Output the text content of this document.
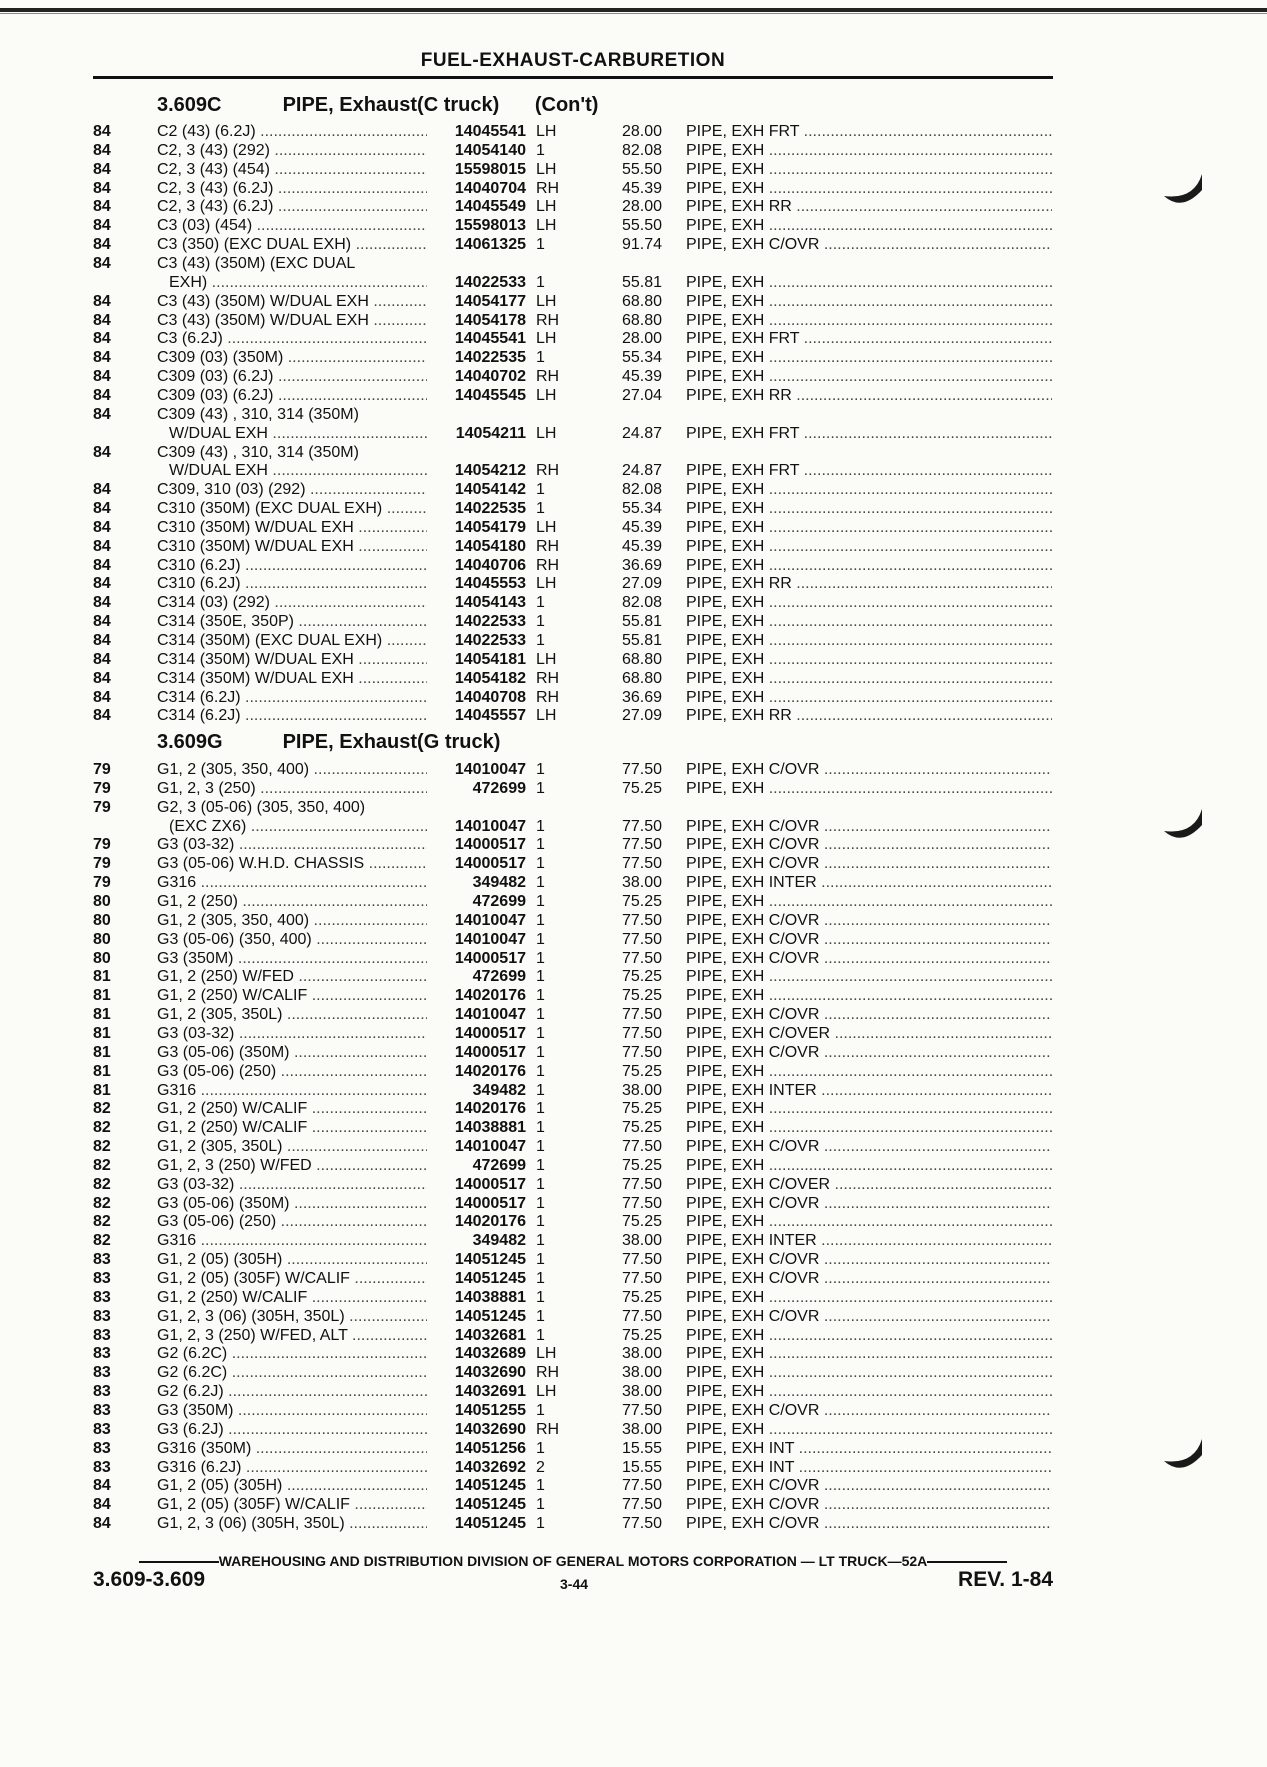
FUEL-EXHAUST-CARBURETION
3.609C	PIPE, Exhaust(C truck) (Con't)
3.609G	PIPE, Exhaust(G truck)
84	C2 (43) (6.2J) .....	14045541 LH	28.00 PIPE, EXH FRT .....
84	C2, 3 (43) (292) .....	14054140 1	82.08 PIPE, EXH .....
84	C2, 3 (43) (454) .....	15598015 LH	55.50 PIPE, EXH .....
84	C2, 3 (43) (6.2J) .....	14040704 RH	45.39 PIPE, EXH .....
84	C2, 3 (43) (6.2J) .....	14045549 LH	28.00 PIPE, EXH RR .....
84	C3 (03) (454) .....	15598013 LH	55.50 PIPE, EXH .....
84	C3 (350) (EXC DUAL EXH) .....	14061325 1	91.74 PIPE, EXH C/OVR .....
84	C3 (43) (350M) (EXC DUAL
EXH) .....	14022533 1	55.81 PIPE, EXH .....
84	C3 (43) (350M) W/DUAL EXH .....	14054177 LH	68.80 PIPE, EXH .....
84	C3 (43) (350M) W/DUAL EXH .....	14054178 RH	68.80 PIPE, EXH .....
84	C3 (6.2J) .....	14045541 LH	28.00 PIPE, EXH FRT .....
84	C309 (03) (350M) .....	14022535 1	55.34 PIPE, EXH .....
84	C309 (03) (6.2J) .....	14040702 RH	45.39 PIPE, EXH .....
84	C309 (03) (6.2J) .....	14045545 LH	27.04 PIPE, EXH RR .....
84	C309 (43) , 310, 314 (350M)
W/DUAL EXH .....	14054211 LH	24.87 PIPE, EXH FRT .....
84	C309 (43) , 310, 314 (350M)
W/DUAL EXH .....	14054212 RH	24.87 PIPE, EXH FRT .....
84	C309, 310 (03) (292) .....	14054142 1	82.08 PIPE, EXH .....
84	C310 (350M) (EXC DUAL EXH) .....	14022535 1	55.34 PIPE, EXH .....
84	C310 (350M) W/DUAL EXH .....	14054179 LH	45.39 PIPE, EXH .....
84	C310 (350M) W/DUAL EXH .....	14054180 RH	45.39 PIPE, EXH .....
84	C310 (6.2J) .....	14040706 RH	36.69 PIPE, EXH .....
84	C310 (6.2J) .....	14045553 LH	27.09 PIPE, EXH RR .....
84	C314 (03) (292) .....	14054143 1	82.08 PIPE, EXH .....
84	C314 (350E, 350P) .....	14022533 1	55.81 PIPE, EXH .....
84	C314 (350M) (EXC DUAL EXH) .....	14022533 1	55.81 PIPE, EXH .....
84	C314 (350M) W/DUAL EXH .....	14054181 LH	68.80 PIPE, EXH .....
84	C314 (350M) W/DUAL EXH .....	14054182 RH	68.80 PIPE, EXH .....
84	C314 (6.2J) .....	14040708 RH	36.69 PIPE, EXH .....
84	C314 (6.2J) .....	14045557 LH	27.09 PIPE, EXH RR .....
79	G1, 2 (305, 350, 400) .....	14010047 1	77.50 PIPE, EXH C/OVR .....
79	G1, 2, 3 (250) .....	472699 1	75.25 PIPE, EXH .....
79	G2, 3 (05-06) (305, 350, 400)
(EXC ZX6) .....	14010047 1	77.50 PIPE, EXH C/OVR .....
79	G3 (03-32) .....	14000517 1	77.50 PIPE, EXH C/OVR .....
79	G3 (05-06) W.H.D. CHASSIS .....	14000517 1	77.50 PIPE, EXH C/OVR .....
79	G316 .....	349482 1	38.00 PIPE, EXH INTER .....
80	G1, 2 (250) .....	472699 1	75.25 PIPE, EXH .....
80	G1, 2 (305, 350, 400) .....	14010047 1	77.50 PIPE, EXH C/OVR .....
80	G3 (05-06) (350, 400) .....	14010047 1	77.50 PIPE, EXH C/OVR .....
80	G3 (350M) .....	14000517 1	77.50 PIPE, EXH C/OVR .....
81	G1, 2 (250) W/FED .....	472699 1	75.25 PIPE, EXH .....
81	G1, 2 (250) W/CALIF .....	14020176 1	75.25 PIPE, EXH .....
81	G1, 2 (305, 350L) .....	14010047 1	77.50 PIPE, EXH C/OVR .....
81	G3 (03-32) .....	14000517 1	77.50 PIPE, EXH C/OVER .....
81	G3 (05-06) (350M) .....	14000517 1	77.50 PIPE, EXH C/OVR .....
81	G3 (05-06) (250) .....	14020176 1	75.25 PIPE, EXH .....
81	G316 .....	349482 1	38.00 PIPE, EXH INTER .....
82	G1, 2 (250) W/CALIF .....	14020176 1	75.25 PIPE, EXH .....
82	G1, 2 (250) W/CALIF .....	14038881 1	75.25 PIPE, EXH .....
82	G1, 2 (305, 350L) .....	14010047 1	77.50 PIPE, EXH C/OVR .....
82	G1, 2, 3 (250) W/FED .....	472699 1	75.25 PIPE, EXH .....
82	G3 (03-32) .....	14000517 1	77.50 PIPE, EXH C/OVER .....
82	G3 (05-06) (350M) .....	14000517 1	77.50 PIPE, EXH C/OVR .....
82	G3 (05-06) (250) .....	14020176 1	75.25 PIPE, EXH .....
82	G316 .....	349482 1	38.00 PIPE, EXH INTER .....
83	G1, 2 (05) (305H) .....	14051245 1	77.50 PIPE, EXH C/OVR .....
83	G1, 2 (05) (305F) W/CALIF .....	14051245 1	77.50 PIPE, EXH C/OVR .....
83	G1, 2 (250) W/CALIF .....	14038881 1	75.25 PIPE, EXH .....
83	G1, 2, 3 (06) (305H, 350L) .....	14051245 1	77.50 PIPE, EXH C/OVR .....
83	G1, 2, 3 (250) W/FED, ALT .....	14032681 1	75.25 PIPE, EXH .....
83	G2 (6.2C) .....	14032689 LH	38.00 PIPE, EXH .....
83	G2 (6.2C) .....	14032690 RH	38.00 PIPE, EXH .....
83	G2 (6.2J) .....	14032691 LH	38.00 PIPE, EXH .....
83	G3 (350M) .....	14051255 1	77.50 PIPE, EXH C/OVR .....
83	G3 (6.2J) .....	14032690 RH	38.00 PIPE, EXH .....
83	G316 (350M) .....	14051256 1	15.55 PIPE, EXH INT .....
83	G316 (6.2J) .....	14032692 2	15.55 PIPE, EXH INT .....
84	G1, 2 (05) (305H) .....	14051245 1	77.50 PIPE, EXH C/OVR .....
84	G1, 2 (05) (305F) W/CALIF .....	14051245 1	77.50 PIPE, EXH C/OVR .....
84	G1, 2, 3 (06) (305H, 350L) .....	14051245 1	77.50 PIPE, EXH C/OVR .....
WAREHOUSING AND DISTRIBUTION DIVISION OF GENERAL MOTORS CORPORATION — LT TRUCK—52A
3.609-3.609	3-44	REV. 1-84
